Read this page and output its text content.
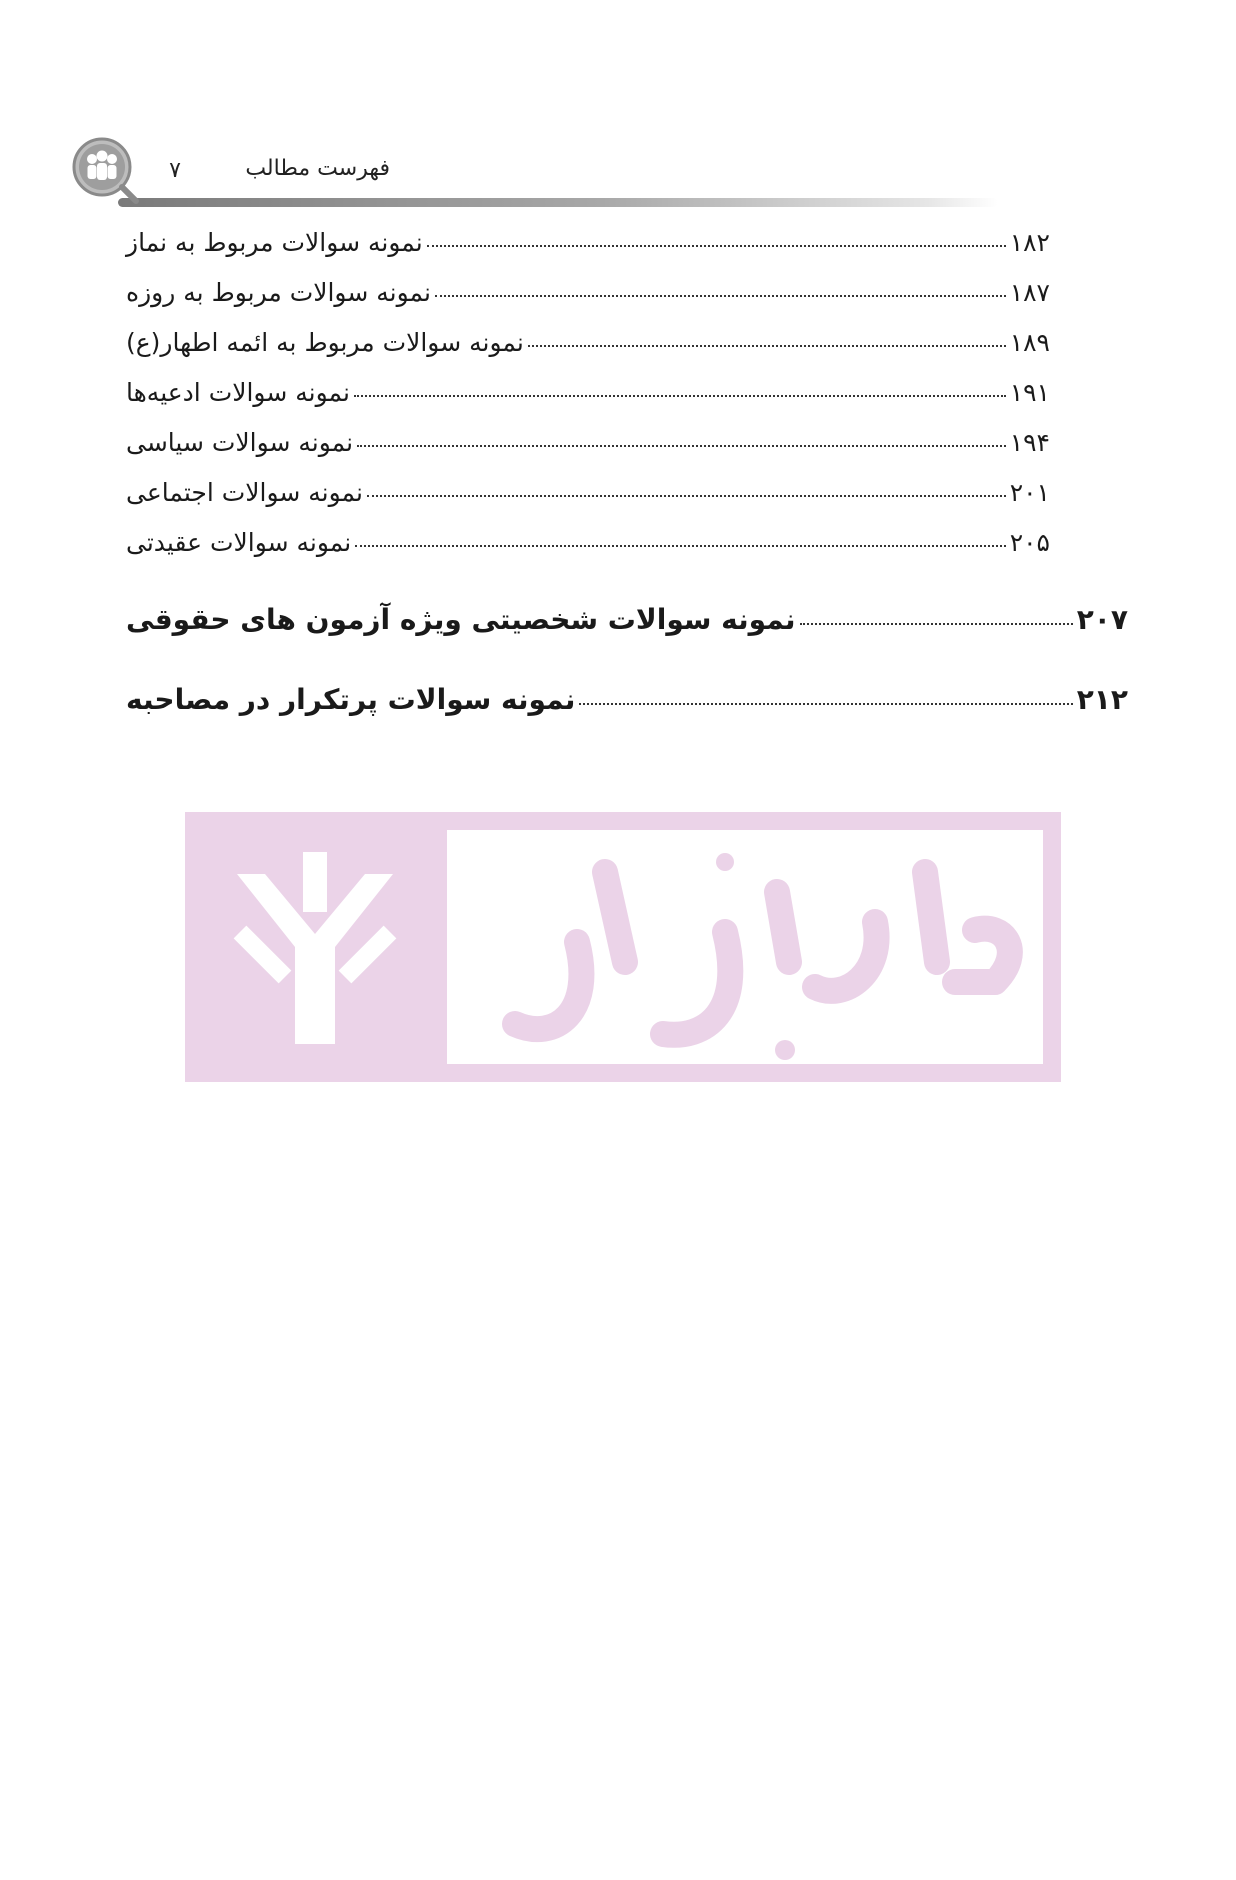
۷	فهرست مطالب
نمونه سوالات مربوط به نماز	۱۸۲
نمونه سوالات مربوط به روزه	۱۸۷
نمونه سوالات مربوط به ائمه اطهار(ع)	۱۸۹
نمونه سوالات ادعیه‌ها	۱۹۱
نمونه سوالات سیاسی	۱۹۴
نمونه سوالات اجتماعی	۲۰۱
نمونه سوالات عقیدتی	۲۰۵
نمونه سوالات شخصیتی ویژه آزمون های حقوقی	۲۰۷
نمونه سوالات پرتکرار در مصاحبه	۲۱۲
